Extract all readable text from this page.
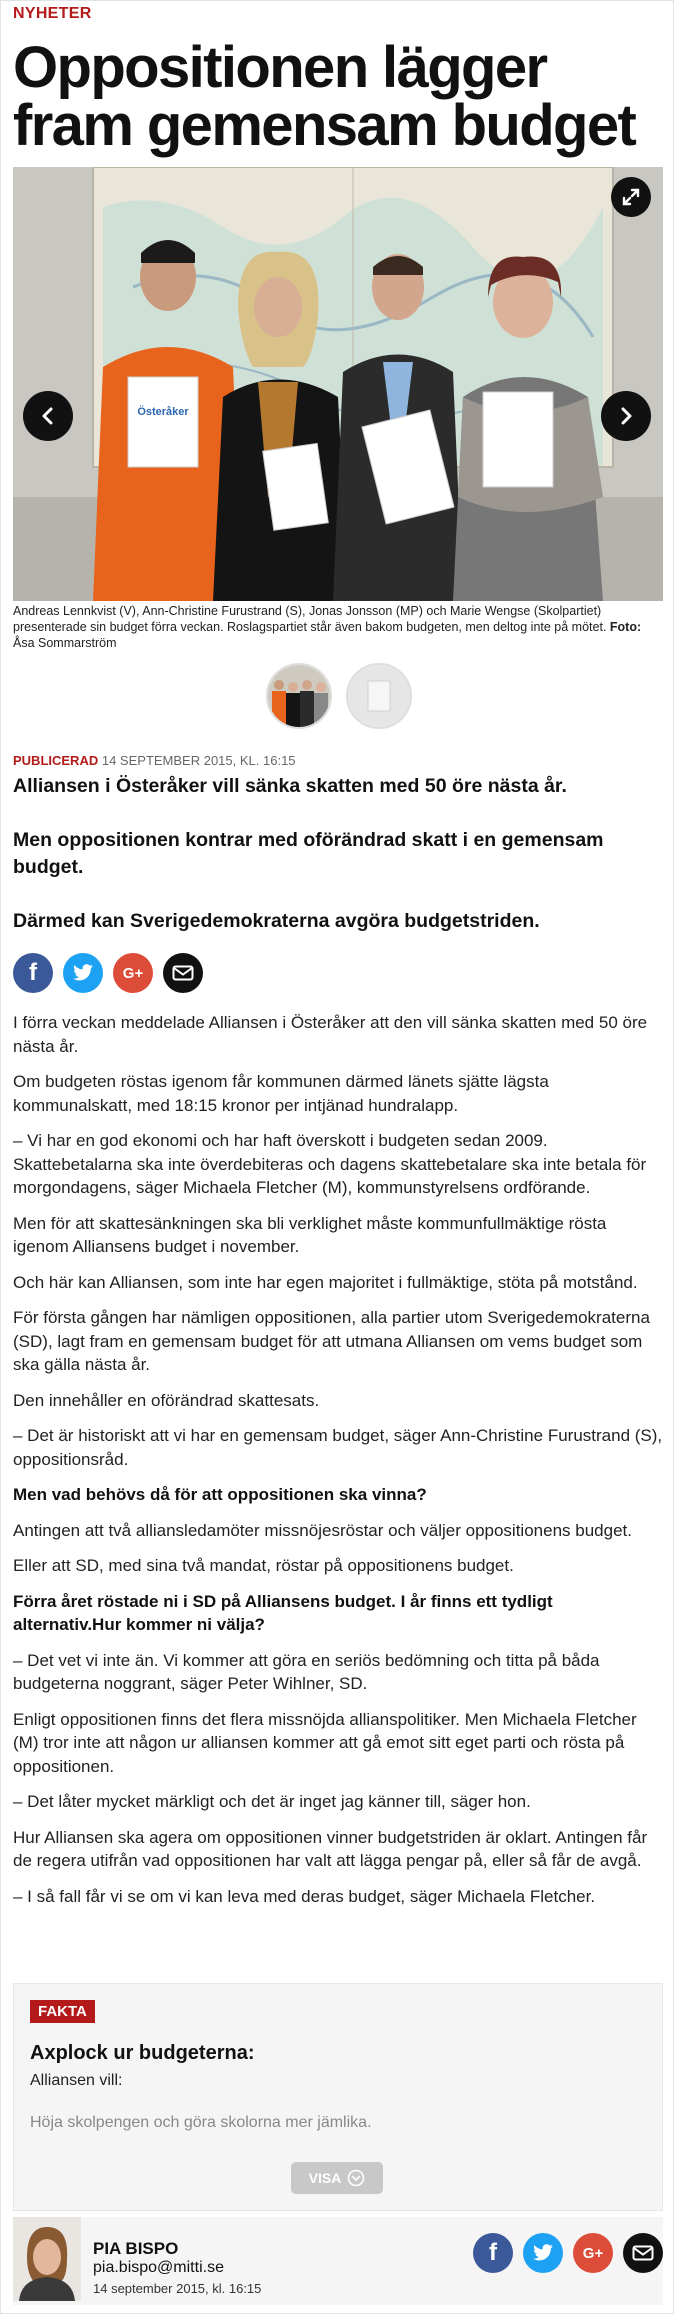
NYHETER
Oppositionen lägger fram gemensam budget
Österåker
Andreas Lennkvist (V), Ann-Christine Furustrand (S), Jonas Jonsson (MP) och Marie Wengse (Skolpartiet) presenterade sin budget förra veckan. Roslagspartiet står även bakom budgeten, men deltog inte på mötet. Foto: Åsa Sommarström
PUBLICERAD 14 SEPTEMBER 2015, KL. 16:15

Alliansen i Österåker vill sänka skatten med 50 öre nästa år.

Men oppositionen kontrar med oförändrad skatt i en gemensam budget.

Därmed kan Sverigedemokraterna avgöra budgetstriden.

f	G+

I förra veckan meddelade Alliansen i Österåker att den vill sänka skatten med 50 öre nästa år.

Om budgeten röstas igenom får kommunen därmed länets sjätte lägsta kommunalskatt, med 18:15 kronor per intjänad hundralapp.

– Vi har en god ekonomi och har haft överskott i budgeten sedan 2009. Skattebetalarna ska inte överdebiteras och dagens skattebetalare ska inte betala för morgondagens, säger Michaela Fletcher (M), kommunstyrelsens ordförande.

Men för att skattesänkningen ska bli verklighet måste kommunfullmäktige rösta igenom Alliansens budget i november.

Och här kan Alliansen, som inte har egen majoritet i fullmäktige, stöta på motstånd.

För första gången har nämligen oppositionen, alla partier utom Sverigedemokraterna (SD), lagt fram en gemensam budget för att utmana Alliansen om vems budget som ska gälla nästa år.

Den innehåller en oförändrad skattesats.

– Det är historiskt att vi har en gemensam budget, säger Ann-Christine Furustrand (S), oppositionsråd.

Men vad behövs då för att oppositionen ska vinna?

Antingen att två alliansledamöter missnöjesröstar och väljer oppositionens budget.

Eller att SD, med sina två mandat, röstar på oppositionens budget.

Förra året röstade ni i SD på Alliansens budget. I år finns ett tydligt alternativ.Hur kommer ni välja?

– Det vet vi inte än. Vi kommer att göra en seriös bedömning och titta på båda budgeterna noggrant, säger Peter Wihlner, SD.

Enligt oppositionen finns det flera missnöjda allianspolitiker. Men Michaela Fletcher (M) tror inte att någon ur alliansen kommer att gå emot sitt eget parti och rösta på oppositionen.

– Det låter mycket märkligt och det är inget jag känner till, säger hon.

Hur Alliansen ska agera om oppositionen vinner budgetstriden är oklart. Antingen får de regera utifrån vad oppositionen har valt att lägga pengar på, eller så får de avgå.

– I så fall får vi se om vi kan leva med deras budget, säger Michaela Fletcher.

FAKTA
Axplock ur budgeterna:
Alliansen vill:
Höja skolpengen och göra skolorna mer jämlika.
VISA
PIA BISPO
pia.bispo@mitti.se
14 september 2015, kl. 16:15
f	G+
